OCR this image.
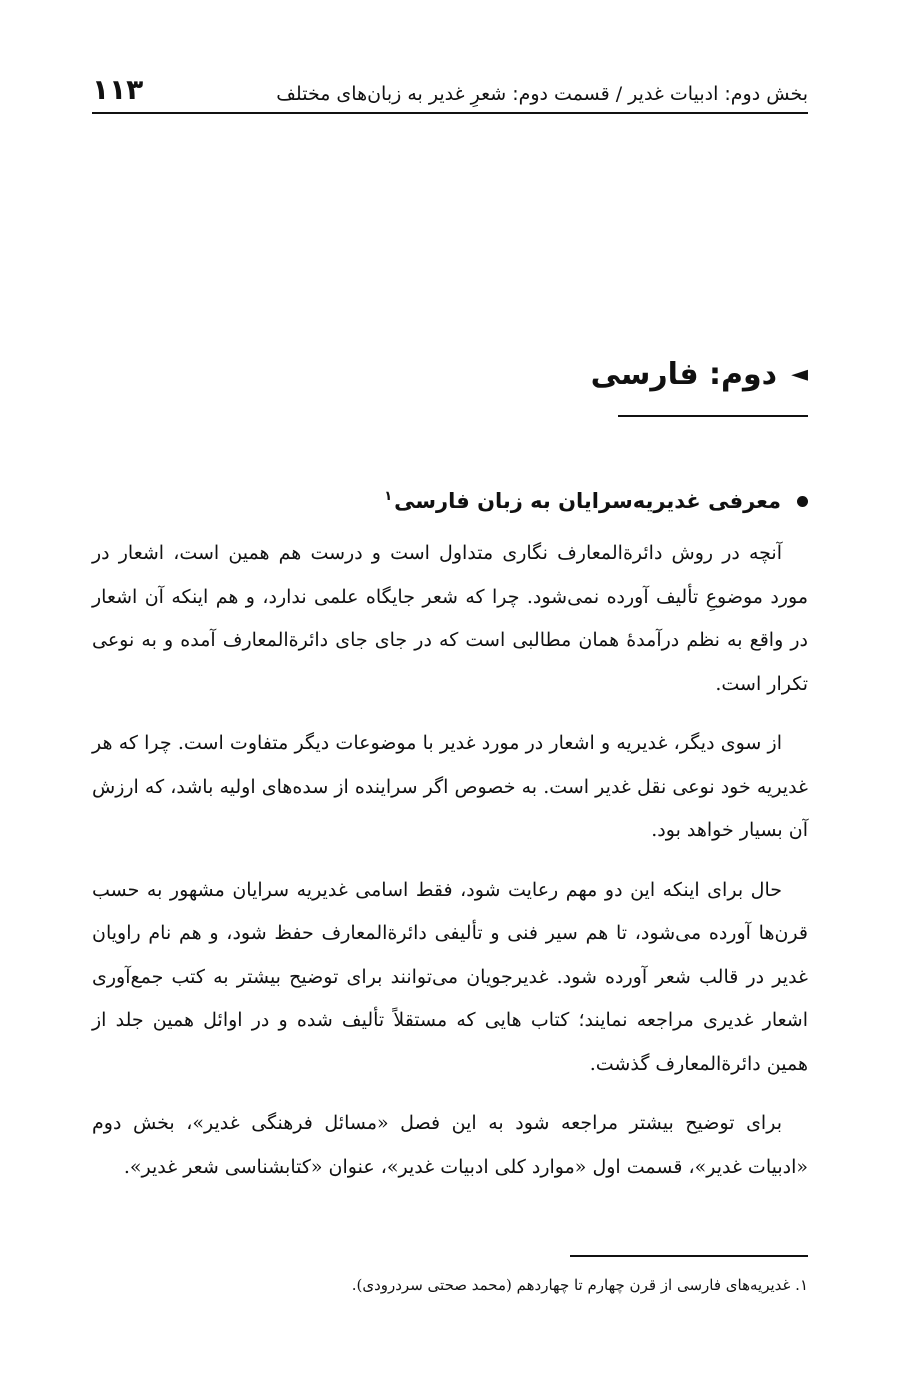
بخش دوم: ادبیات غدیر / قسمت دوم: شعرِ غدیر به زبان‌های مختلف
۱۱۳
◄
دوم: فارسی
معرفی غدیریه‌سرایان به زبان فارسی$^۱$

آنچه در روش دائرة‌المعارف نگاری متداول است و درست هم همین است، اشعار در مورد موضوعِ تألیف آورده نمی‌شود. چرا که شعر جایگاه علمی ندارد، و هم اینکه آن اشعار در واقع به نظم درآمدهٔ همان مطالبی است که در جای جای دائرة‌المعارف آمده و به نوعی تکرار است.

از سوی دیگر، غدیریه و اشعار در مورد غدیر با موضوعات دیگر متفاوت است. چرا که هر غدیریه خود نوعی نقل غدیر است. به خصوص اگر سراینده از سده‌های اولیه باشد، که ارزش آن بسیار خواهد بود.

حال برای اینکه این دو مهم رعایت شود، فقط اسامی غدیریه سرایان مشهور به حسب قرن‌ها آورده می‌شود، تا هم سیر فنی و تألیفی دائرة‌المعارف حفظ شود، و هم نام راویان غدیر در قالب شعر آورده شود. غدیرجویان می‌توانند برای توضیح بیشتر به کتب جمع‌آوری اشعار غدیری مراجعه نمایند؛ کتاب هایی که مستقلاً تألیف شده و در اوائل همین جلد از همین دائرة‌المعارف گذشت.

برای توضیح بیشتر مراجعه شود به این فصل «مسائل فرهنگی غدیر»، بخش دوم «ادبیات غدیر»، قسمت اول «موارد کلی ادبیات غدیر»، عنوان «کتابشناسی شعر غدیر».

۱. غدیریه‌های فارسی از قرن چهارم تا چهاردهم (محمد صحتی سردرودی).
